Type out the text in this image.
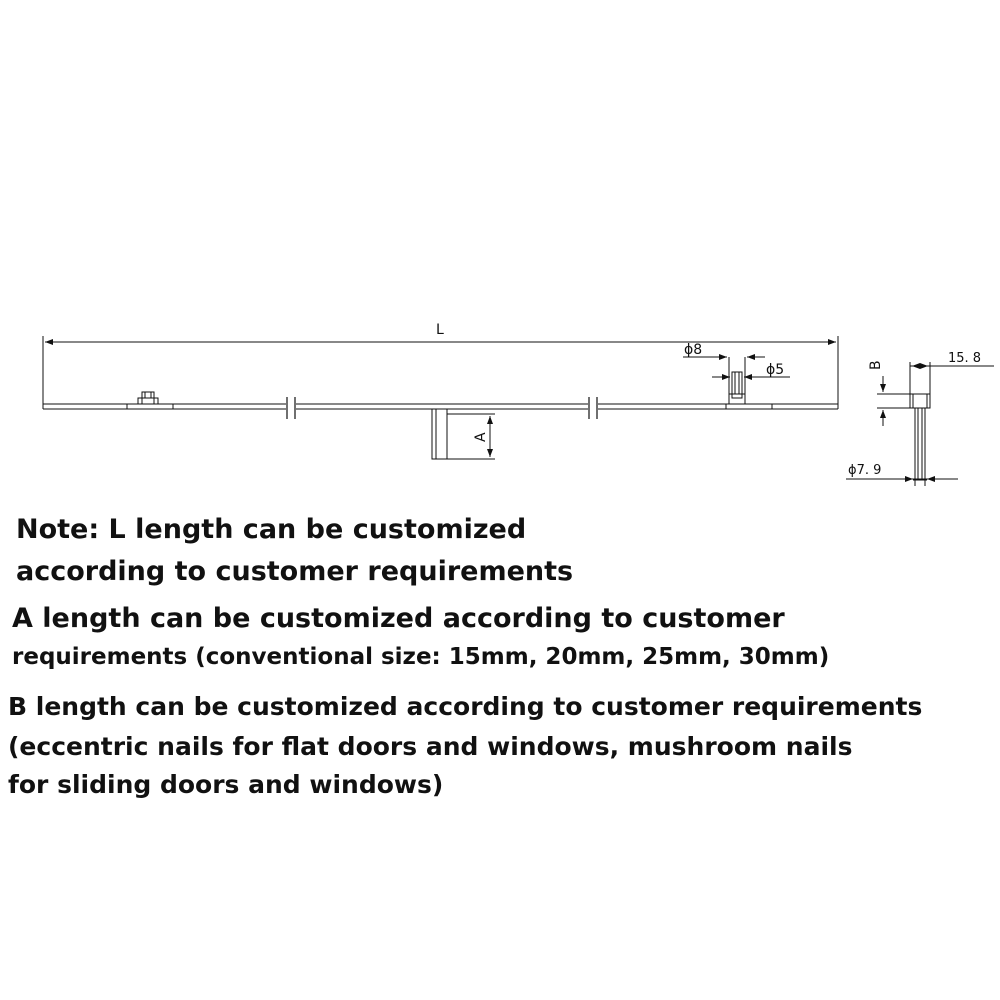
L
ϕ8
ϕ5
A
B	15. 8
ϕ7. 9
Note: L length can be customized
according to customer requirements
A length can be customized according to customer
requirements (conventional size: 15mm, 20mm, 25mm, 30mm)
B length can be customized according to customer requirements
(eccentric nails for flat doors and windows, mushroom nails
for sliding doors and windows)
